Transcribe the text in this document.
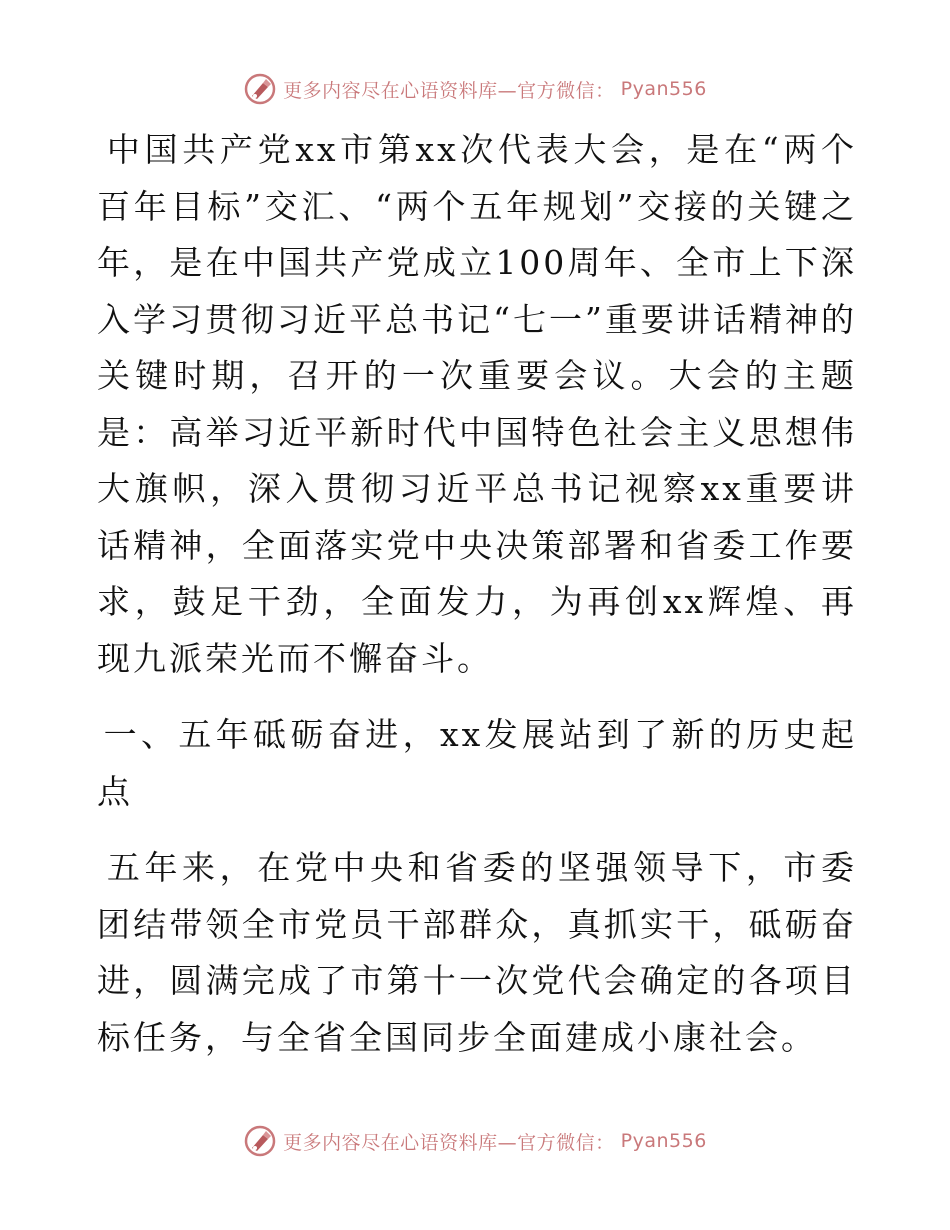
更多内容尽在心语资料库—官方微信： Pyan556

中国共产党xx市第xx次代表大会，是在“两个百年目标”交汇、“两个五年规划”交接的关键之年，是在中国共产党成立100周年、全市上下深入学习贯彻习近平总书记“七一”重要讲话精神的关键时期，召开的一次重要会议。大会的主题是：高举习近平新时代中国特色社会主义思想伟大旗帜，深入贯彻习近平总书记视察xx重要讲话精神，全面落实党中央决策部署和省委工作要求，鼓足干劲，全面发力，为再创xx辉煌、再现九派荣光而不懈奋斗。

一、五年砥砺奋进，xx发展站到了新的历史起点

五年来，在党中央和省委的坚强领导下，市委团结带领全市党员干部群众，真抓实干，砥砺奋进，圆满完成了市第十一次党代会确定的各项目标任务，与全省全国同步全面建成小康社会。

更多内容尽在心语资料库—官方微信： Pyan556
